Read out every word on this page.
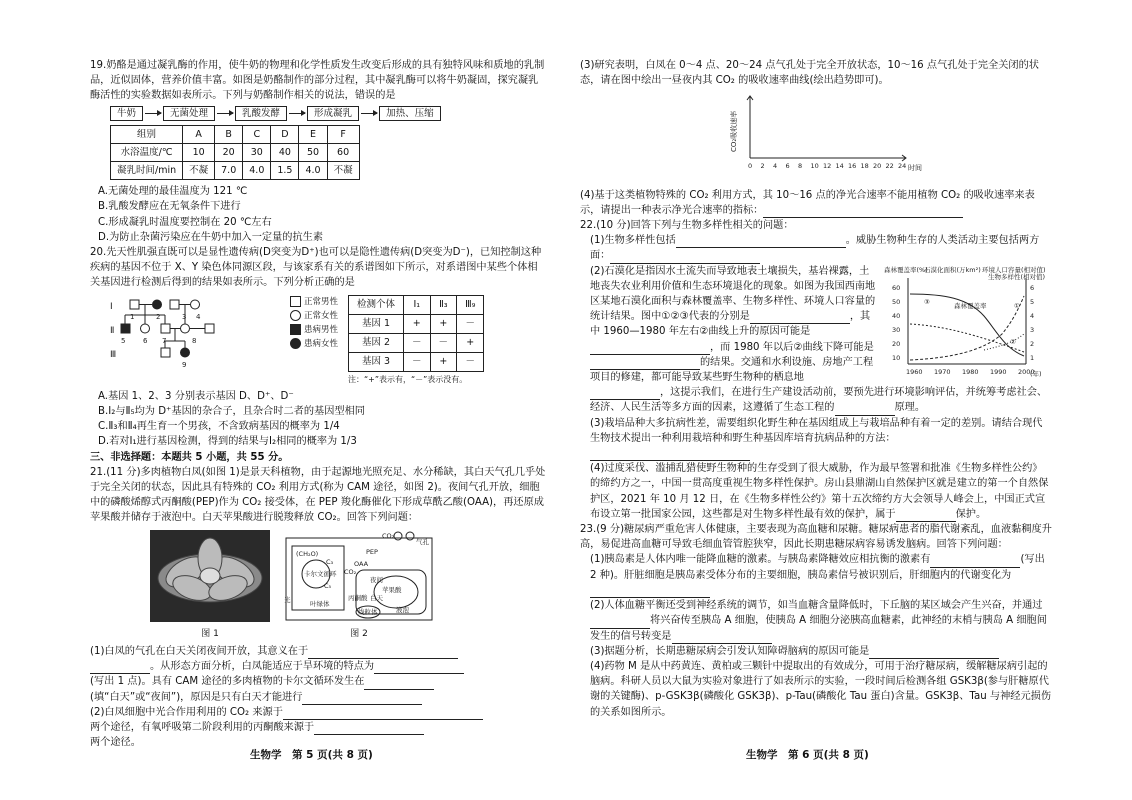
19.奶酪是通过凝乳酶的作用，使牛奶的物理和化学性质发生改变后形成的具有独特风味和质地的乳制品，近似固体，营养价值丰富。如图是奶酪制作的部分过程，其中凝乳酶可以将牛奶凝固，探究凝乳酶活性的实验数据如表所示。下列与奶酪制作相关的说法，错误的是

牛奶	无菌处理	乳酸发酵	形成凝乳	加热、压缩
组别	A	B	C	D	E	F
水浴温度/℃	10	20	30	40	50	60
凝乳时间/min	不凝	7.0	4.0	1.5	4.0	不凝

A.无菌处理的最佳温度为 121 ℃

B.乳酸发酵应在无氧条件下进行

C.形成凝乳时温度要控制在 20 ℃左右

D.为防止杂菌污染应在牛奶中加入一定量的抗生素

20.先天性肌强直既可以是显性遗传病(D突变为D⁺)也可以是隐性遗传病(D突变为D⁻)，已知控制这种疾病的基因不位于 X、Y 染色体同源区段，与该家系有关的系谱图如下所示，对系谱图中某些个体相关基因进行检测后得到的结果如表所示。下列分析正确的是

Ⅰ
Ⅱ
Ⅲ
1	2	3 4
5	6 7	8
9
正常男性
正常女性
患病男性
患病女性
检测个体	Ⅰ₁	Ⅱ₃	Ⅲ₉
基因 1	+	+	－
基因 2	－	－	+
基因 3	－	+	－
注：“+”表示有，“－”表示没有。

A.基因 1、2、3 分别表示基因 D、D⁺、D⁻

B.Ⅰ₂与Ⅱ₅均为 D⁺基因的杂合子，且杂合时二者的基因型相同

C.Ⅱ₃和Ⅱ₄再生育一个男孩，不含致病基因的概率为 1/4

D.若对Ⅰ₁进行基因检测，得到的结果与Ⅰ₂相同的概率为 1/3

三、非选择题：本题共 5 小题，共 55 分。

21.(11 分)多肉植物白凤(如图 1)是景天科植物，由于起源地光照充足、水分稀缺，其白天气孔几乎处于完全关闭的状态，因此具有特殊的 CO₂ 利用方式(称为 CAM 途径，如图 2)。夜间气孔开放，细胞中的磷酸烯醇式丙酮酸(PEP)作为 CO₂ 接受体，在 PEP 羧化酶催化下形成草酰乙酸(OAA)，再还原成苹果酸并储存于液泡中。白天苹果酸进行脱羧释放 CO₂。回答下列问题：

图 1
CO₂
气孔
(CH₂O)
C₃
C₅
卡尔文循环 CO₂
PEP
OAA
苹果酸
夜间
白天
丙酮酸
液泡
叶绿体
线粒体
光
图 2

(1)白凤的气孔在白天关闭夜间开放，其意义在于

。从形态方面分析，白凤能适应于旱环境的特点为

(写出 1 点)。具有 CAM 途径的多肉植物的卡尔文循环发生在

(填“白天”或“夜间”)，原因是只有白天才能进行

(2)白凤细胞中光合作用利用的 CO₂ 来源于

两个途径，有氧呼吸第二阶段利用的丙酮酸来源于

两个途径。

生物学　第 5 页(共 8 页)

(3)研究表明，白凤在 0～4 点、20～24 点气孔处于完全开放状态，10～16 点气孔处于完全关闭的状态，请在图中绘出一昼夜内其 CO₂ 的吸收速率曲线(绘出趋势即可)。

CO₂吸收速率
时间
0 2 4 6 8 10 12 14 16 18 20 22 24

(4)基于这类植物特殊的 CO₂ 利用方式，其 10～16 点的净光合速率不能用植物 CO₂ 的吸收速率来表示，请提出一种表示净光合速率的指标：

22.(10 分)回答下列与生物多样性相关的问题：

(1)生物多样性包括	。威胁生物种生存的人类活动主要包括两方面：

(2)石漠化是指因水土流失而导致地表土壤损失，基岩裸露，土地丧失农业利用价值和生态环境退化的现象。如图为我国西南地区某地石漠化面积与森林覆盖率、生物多样性、环境人口容量的统计结果。图中①②③代表的分别是	，其中 1960—1980 年左右②曲线上升的原因可能是，而 1980 年以后②曲线下降可能是的结果。交通和水利设施、房地产工程项目的修建，都可能导致某些野生物种的栖息地
森林覆盖率(%)
石漠化面积(万km²) 环境人口容量(相对值)
生物多样性(相对值)
森林覆盖率
③	①
②
(年)
1960 1970 1980 1990 2000
60
50
40
30
20
10
6
5
4
3
2
1

，这提示我们，在进行生产建设活动前，要预先进行环境影响评估，并统筹考虑社会、经济、人民生活等多方面的因素，这遵循了生态工程的	原理。

(3)栽培品种大多抗病性差，需要组织化野生种在基因组成上与栽培品种有着一定的差别。请结合现代生物技术提出一种利用栽培种和野生种基因库培育抗病品种的方法：

(4)过度采伐、滥捕乱猎使野生物种的生存受到了很大威胁，作为最早签署和批准《生物多样性公约》的缔约方之一，中国一贯高度重视生物多样性保护。房山县鼎湖山自然保护区就是建立的第一个自然保护区，2021 年 10 月 12 日，在《生物多样性公约》第十五次缔约方大会领导人峰会上，中国正式宣布设立第一批国家公园，这些都是对生物多样性最有效的保护，属于	保护。

23.(9 分)糖尿病严重危害人体健康，主要表现为高血糖和尿糖。糖尿病患者的脂代谢紊乱，血液黏稠度升高，易促进高血糖可导致毛细血管管腔狭窄，因此长期患糖尿病容易诱发脑病。回答下列问题：

(1)胰岛素是人体内唯一能降血糖的激素。与胰岛素降糖效应相抗衡的激素有	(写出 2 种)。肝脏细胞是胰岛素受体分布的主要细胞，胰岛素信号被识别后，肝细胞内的代谢变化为

(2)人体血糖平衡还受到神经系统的调节，如当血糖含量降低时，下丘脑的某区域会产生兴奋，并通过将兴奋传至胰岛 A 细胞，使胰岛 A 细胞分泌胰高血糖素，此神经的末梢与胰岛 A 细胞间发生的信号转变是

(3)据题分析，长期患糖尿病会引发认知障碍脑病的原因可能是

(4)药物 M 是从中药黄连、黄柏或三颗针中提取出的有效成分，可用于治疗糖尿病，缓解糖尿病引起的脑病。科研人员以大鼠为实验对象进行了如表所示的实验，一段时间后检测各组 GSK3β(参与肝糖原代谢的关键酶)、p-GSK3β(磷酸化 GSK3β)、p-Tau(磷酸化 Tau 蛋白)含量。GSK3β、Tau 与神经元损伤的关系如图所示。

生物学　第 6 页(共 8 页)
